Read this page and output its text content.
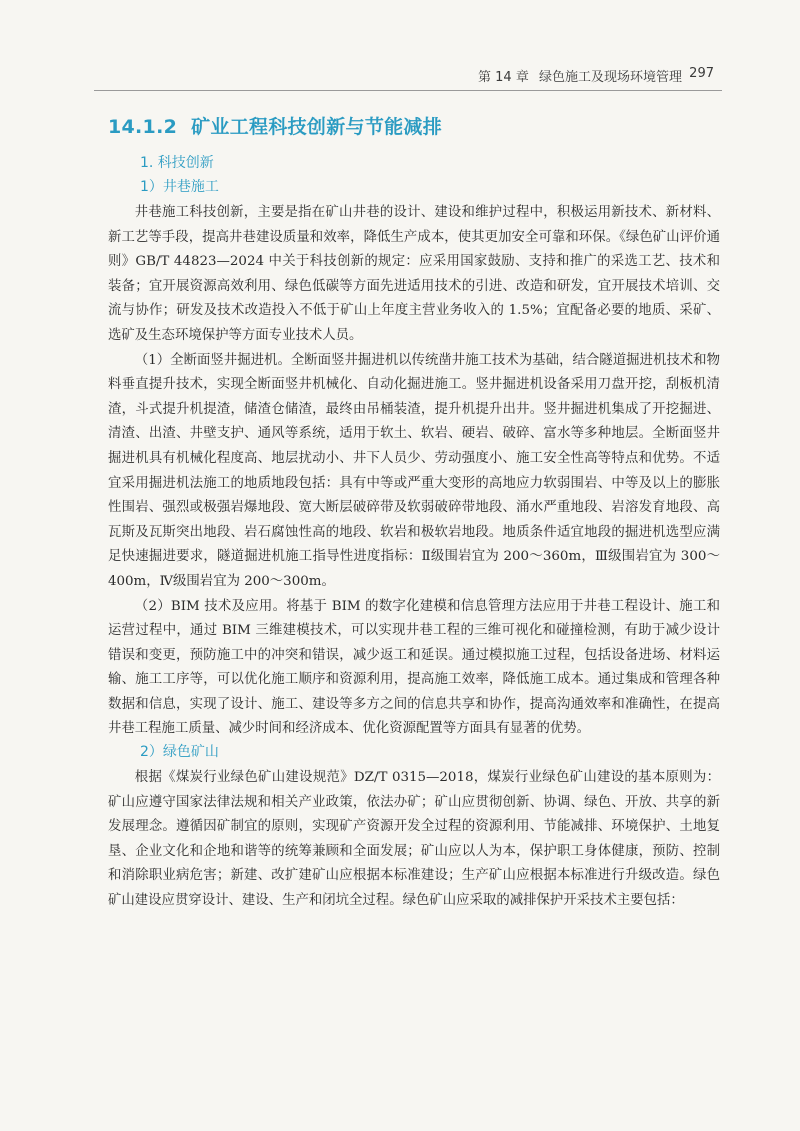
第 14 章 绿色施工及现场环境管理 297
14.1.2 矿业工程科技创新与节能减排
1. 科技创新
1）井巷施工

井巷施工科技创新，主要是指在矿山井巷的设计、建设和维护过程中，积极运用新技术、新材料、新工艺等手段，提高井巷建设质量和效率，降低生产成本，使其更加安全可靠和环保。《绿色矿山评价通则》GB/T 44823—2024 中关于科技创新的规定：应采用国家鼓励、支持和推广的采选工艺、技术和装备；宜开展资源高效利用、绿色低碳等方面先进适用技术的引进、改造和研发，宜开展技术培训、交流与协作；研发及技术改造投入不低于矿山上年度主营业务收入的 1.5%；宜配备必要的地质、采矿、选矿及生态环境保护等方面专业技术人员。

（1）全断面竖井掘进机。全断面竖井掘进机以传统凿井施工技术为基础，结合隧道掘进机技术和物料垂直提升技术，实现全断面竖井机械化、自动化掘进施工。竖井掘进机设备采用刀盘开挖，刮板机清渣，斗式提升机提渣，储渣仓储渣，最终由吊桶装渣，提升机提升出井。竖井掘进机集成了开挖掘进、清渣、出渣、井壁支护、通风等系统，适用于软土、软岩、硬岩、破碎、富水等多种地层。全断面竖井掘进机具有机械化程度高、地层扰动小、井下人员少、劳动强度小、施工安全性高等特点和优势。不适宜采用掘进机法施工的地质地段包括：具有中等或严重大变形的高地应力软弱围岩、中等及以上的膨胀性围岩、强烈或极强岩爆地段、宽大断层破碎带及软弱破碎带地段、涌水严重地段、岩溶发育地段、高瓦斯及瓦斯突出地段、岩石腐蚀性高的地段、软岩和极软岩地段。地质条件适宜地段的掘进机选型应满足快速掘进要求，隧道掘进机施工指导性进度指标：Ⅱ级围岩宜为 200～360m，Ⅲ级围岩宜为 300～400m，Ⅳ级围岩宜为 200～300m。

（2）BIM 技术及应用。将基于 BIM 的数字化建模和信息管理方法应用于井巷工程设计、施工和运营过程中，通过 BIM 三维建模技术，可以实现井巷工程的三维可视化和碰撞检测，有助于减少设计错误和变更，预防施工中的冲突和错误，减少返工和延误。通过模拟施工过程，包括设备进场、材料运输、施工工序等，可以优化施工顺序和资源利用，提高施工效率，降低施工成本。通过集成和管理各种数据和信息，实现了设计、施工、建设等多方之间的信息共享和协作，提高沟通效率和准确性，在提高井巷工程施工质量、减少时间和经济成本、优化资源配置等方面具有显著的优势。

2）绿色矿山

根据《煤炭行业绿色矿山建设规范》DZ/T 0315—2018，煤炭行业绿色矿山建设的基本原则为：矿山应遵守国家法律法规和相关产业政策，依法办矿；矿山应贯彻创新、协调、绿色、开放、共享的新发展理念。遵循因矿制宜的原则，实现矿产资源开发全过程的资源利用、节能减排、环境保护、土地复垦、企业文化和企地和谐等的统筹兼顾和全面发展；矿山应以人为本，保护职工身体健康，预防、控制和消除职业病危害；新建、改扩建矿山应根据本标准建设；生产矿山应根据本标准进行升级改造。绿色矿山建设应贯穿设计、建设、生产和闭坑全过程。绿色矿山应采取的减排保护开采技术主要包括：
